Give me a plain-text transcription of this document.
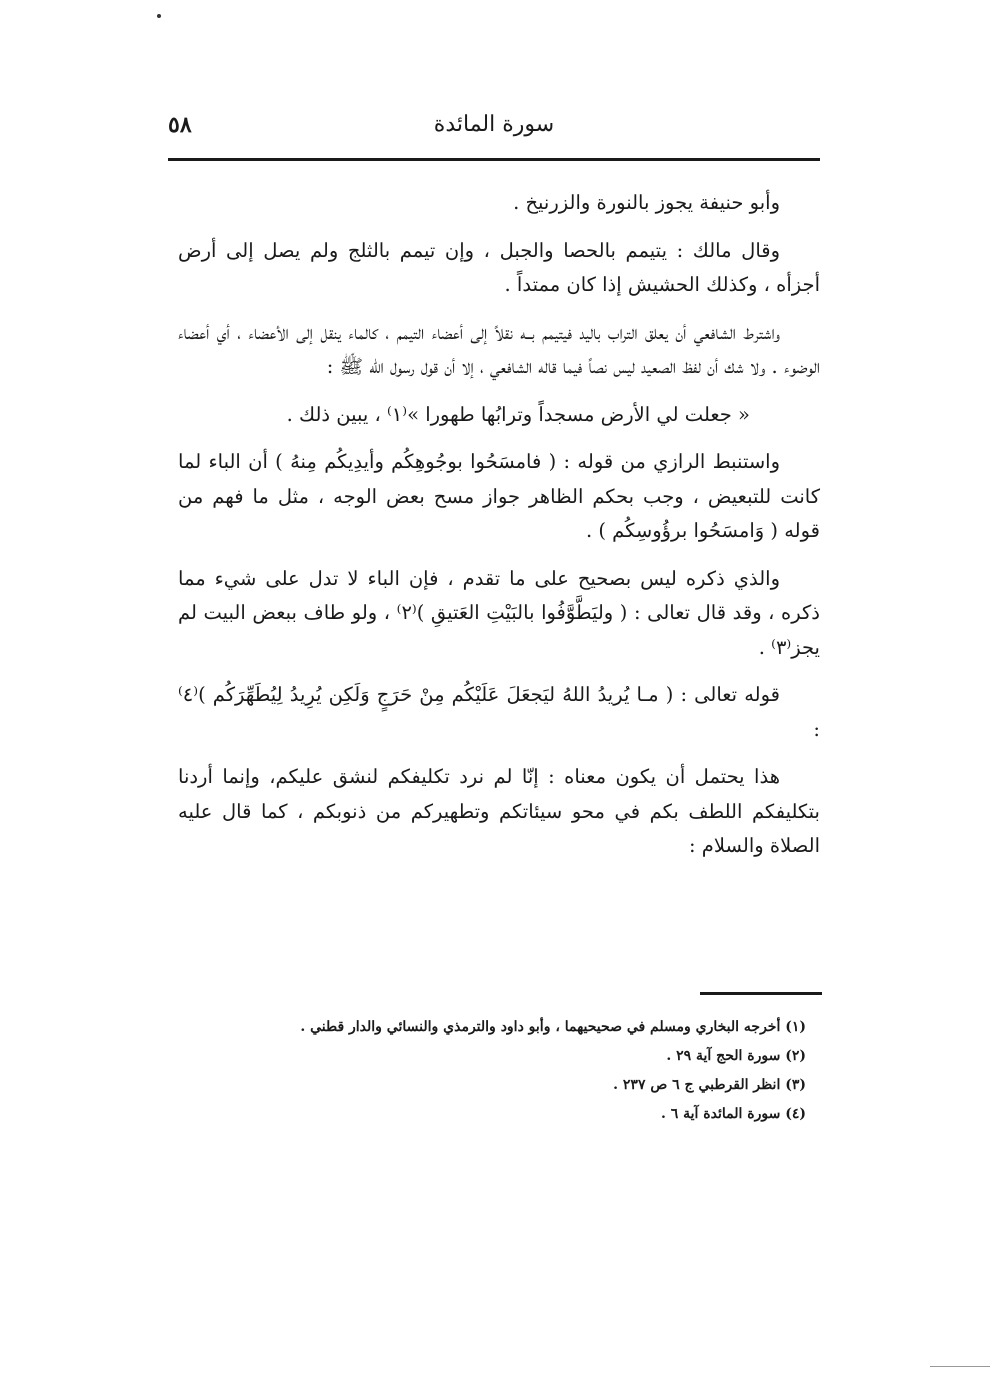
٥٨	سورة المائدة

وأبو حنيفة يجوز بالنورة والزرنيخ .

وقال مالك : يتيمم بالحصا والجبل ، وإن تيمم بالثلج ولم يصل إلى أرض أجزأه ، وكذلك الحشيش إذا كان ممتداً .

واشترط الشافعي أن يعلق التراب باليد فيتيمم بــه نقلاً إلى أعضاء التيمم ، كالماء ينقل إلى الأعضاء ، أي أعضاء الوضوء . ولا شك أن لفظ الصعيد ليس نصاً فيما قاله الشافعي ، إلا أن قول رسول الله ﷺ :

« جعلت لي الأرض مسجداً وترابُها طهورا »⁽١⁾ ، يبين ذلك .

واستنبط الرازي من قوله : ( فامسَحُوا بوجُوهِكُم وأيدِيكُم مِنهُ ) أن الباء لما كانت للتبعيض ، وجب بحكم الظاهر جواز مسح بعض الوجه ، مثل ما فهم من قوله ( وَامسَحُوا برؤُوسِكُم ) .

والذي ذكره ليس بصحيح على ما تقدم ، فإن الباء لا تدل على شيء مما ذكره ، وقد قال تعالى : ( وليَطَّوَّفُوا بالبَيْتِ العَتيقِ )⁽٢⁾ ، ولو طاف ببعض البيت لم يجز⁽٣⁾ .

قوله تعالى : ( مـا يُريدُ اللهُ ليَجعَلَ عَلَيْكُم مِنْ حَرَجٍ وَلَكِن يُرِيدُ لِيُطَهِّرَكُم )⁽٤⁾ :

هذا يحتمل أن يكون معناه : إنّا لم نرد تكليفكم لنشق عليكم، وإنما أردنا بتكليفكم اللطف بكم في محو سيئاتكم وتطهيركم من ذنوبكم ، كما قال عليه الصلاة والسلام :

(١) أخرجه البخاري ومسلم في صحيحيهما ، وأبو داود والترمذي والنسائي والدار قطني .

(٢) سورة الحج آية ٢٩ .

(٣) انظر القرطبي ج ٦ ص ٢٣٧ .

(٤) سورة المائدة آية ٦ .
